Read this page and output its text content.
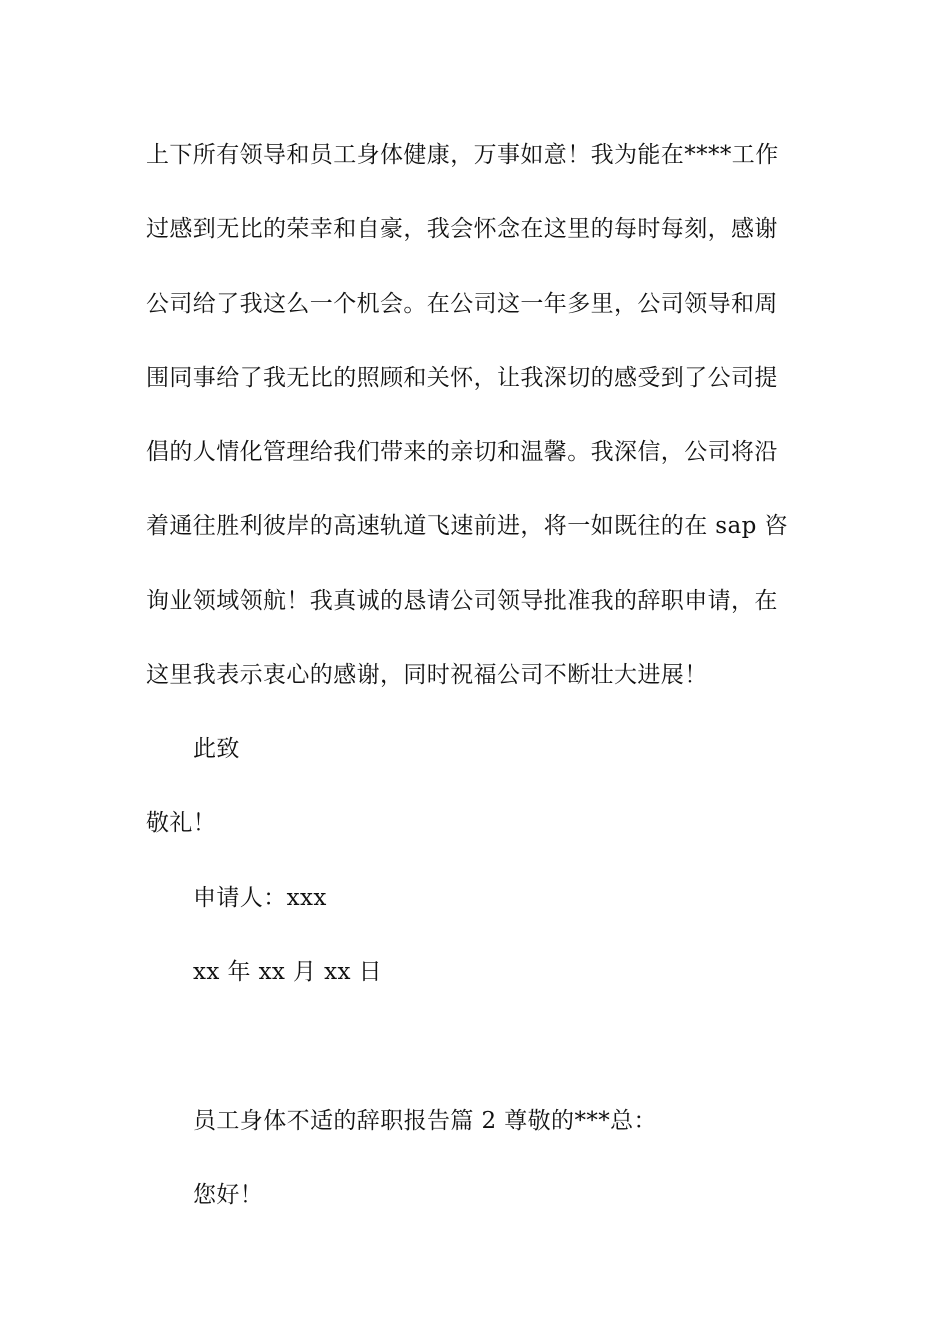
上下所有领导和员工身体健康，万事如意！我为能在****工作
过感到无比的荣幸和自豪，我会怀念在这里的每时每刻，感谢
公司给了我这么一个机会。在公司这一年多里，公司领导和周
围同事给了我无比的照顾和关怀，让我深切的感受到了公司提
倡的人情化管理给我们带来的亲切和温馨。我深信，公司将沿
着通往胜利彼岸的高速轨道飞速前进，将一如既往的在 sap 咨
询业领域领航！我真诚的恳请公司领导批准我的辞职申请，在
这里我表示衷心的感谢，同时祝福公司不断壮大进展！
此致
敬礼！
申请人：xxx
xx 年 xx 月 xx 日
员工身体不适的辞职报告篇 2 尊敬的***总：
您好！
